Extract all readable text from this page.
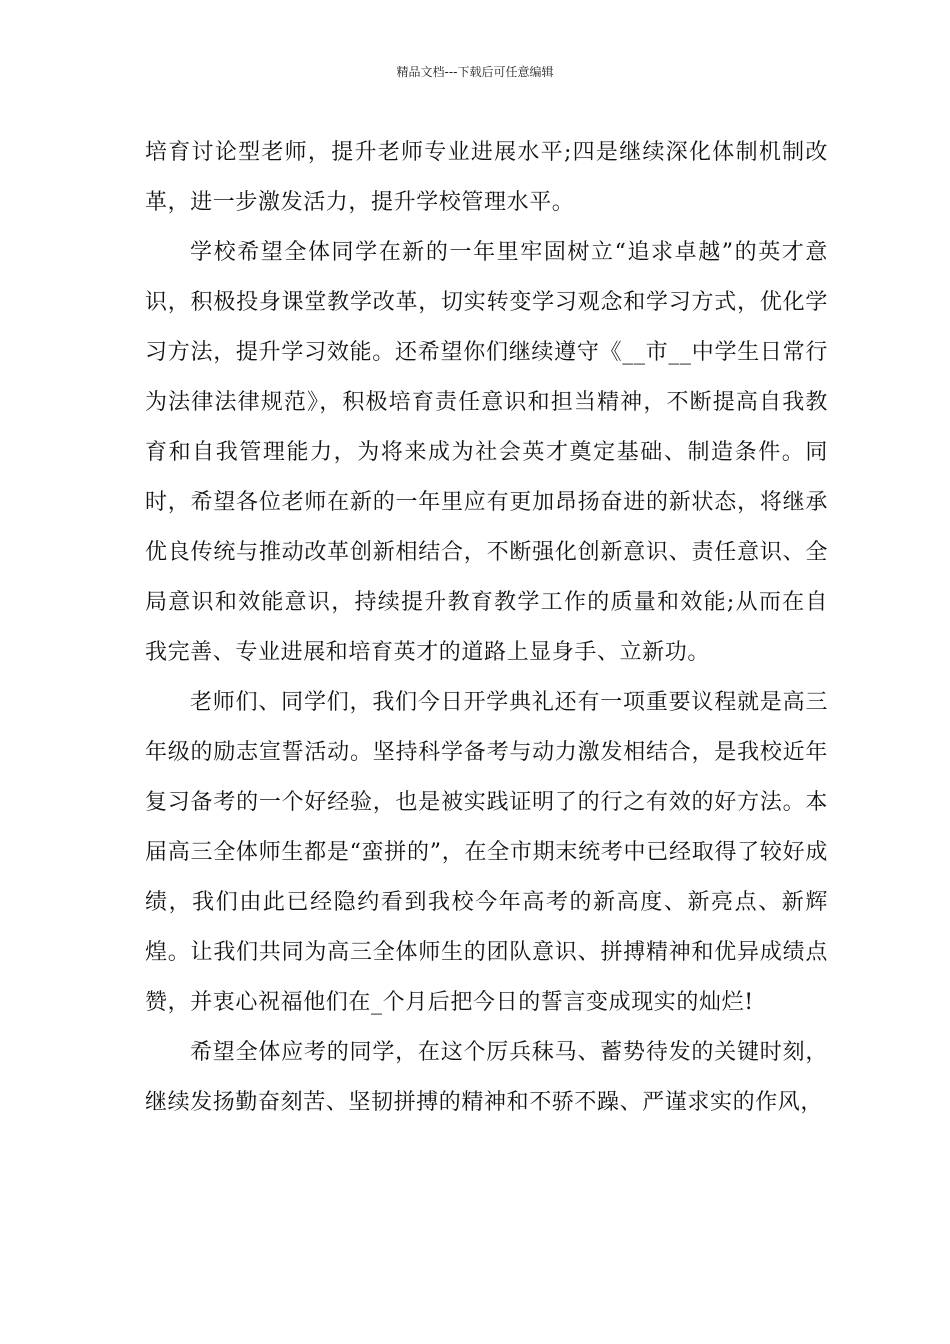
精品文档---下载后可任意编辑

培育讨论型老师，提升老师专业进展水平;四是继续深化体制机制改革，进一步激发活力，提升学校管理水平。

学校希望全体同学在新的一年里牢固树立“追求卓越”的英才意识，积极投身课堂教学改革，切实转变学习观念和学习方式，优化学习方法，提升学习效能。还希望你们继续遵守《__市__中学生日常行为法律法律规范》，积极培育责任意识和担当精神，不断提高自我教育和自我管理能力，为将来成为社会英才奠定基础、制造条件。同时，希望各位老师在新的一年里应有更加昂扬奋进的新状态，将继承优良传统与推动改革创新相结合，不断强化创新意识、责任意识、全局意识和效能意识，持续提升教育教学工作的质量和效能;从而在自我完善、专业进展和培育英才的道路上显身手、立新功。

老师们、同学们，我们今日开学典礼还有一项重要议程就是高三年级的励志宣誓活动。坚持科学备考与动力激发相结合，是我校近年复习备考的一个好经验，也是被实践证明了的行之有效的好方法。本届高三全体师生都是“蛮拼的”，在全市期末统考中已经取得了较好成绩，我们由此已经隐约看到我校今年高考的新高度、新亮点、新辉煌。让我们共同为高三全体师生的团队意识、拼搏精神和优异成绩点赞，并衷心祝福他们在_个月后把今日的誓言变成现实的灿烂!

希望全体应考的同学，在这个厉兵秣马、蓄势待发的关键时刻，继续发扬勤奋刻苦、坚韧拼搏的精神和不骄不躁、严谨求实的作风，
